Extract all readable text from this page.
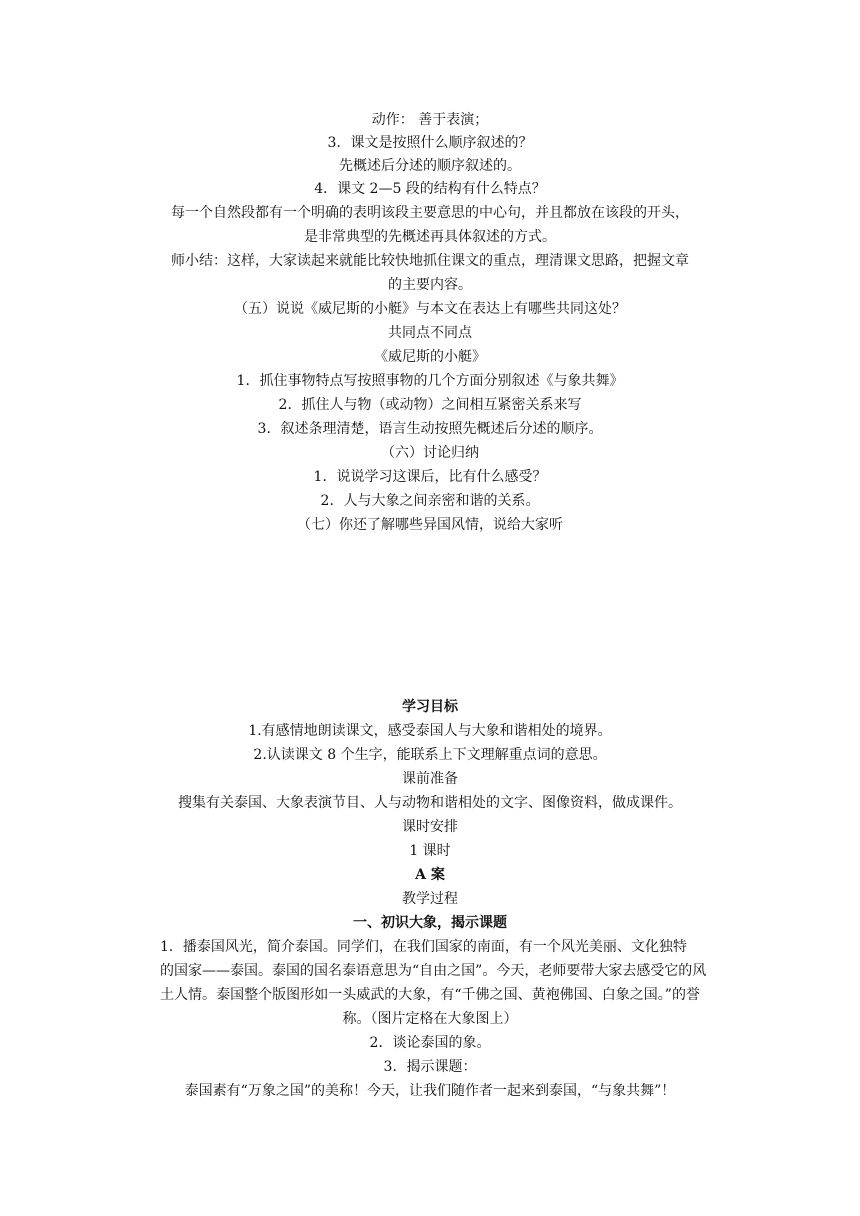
动作： 善于表演；
3．课文是按照什么顺序叙述的？
先概述后分述的顺序叙述的。
4．课文 2—5 段的结构有什么特点？
每一个自然段都有一个明确的表明该段主要意思的中心句，并且都放在该段的开头，
是非常典型的先概述再具体叙述的方式。
师小结：这样，大家读起来就能比较快地抓住课文的重点，理清课文思路，把握文章
的主要内容。
（五）说说《威尼斯的小艇》与本文在表达上有哪些共同这处？
共同点不同点
《威尼斯的小艇》
1．抓住事物特点写按照事物的几个方面分别叙述《与象共舞》
2．抓住人与物（或动物）之间相互紧密关系来写
3．叙述条理清楚，语言生动按照先概述后分述的顺序。
（六）讨论归纳
1．说说学习这课后，比有什么感受？
2．人与大象之间亲密和谐的关系。
（七）你还了解哪些异国风情，说给大家听
学习目标
1.有感情地朗读课文，感受泰国人与大象和谐相处的境界。
2.认读课文 8 个生字，能联系上下文理解重点词的意思。
课前准备
搜集有关泰国、大象表演节目、人与动物和谐相处的文字、图像资料，做成课件。
课时安排
1 课时
A 案
教学过程
一、初识大象，揭示课题
1．播泰国风光，简介泰国。同学们，在我们国家的南面，有一个风光美丽、文化独特
的国家——泰国。泰国的国名泰语意思为“自由之国”。今天，老师要带大家去感受它的风
土人情。泰国整个版图形如一头威武的大象，有“千佛之国、黄袍佛国、白象之国。”的誉
称。（图片定格在大象图上）
2．谈论泰国的象。
3．揭示课题：
泰国素有“万象之国”的美称！今天，让我们随作者一起来到泰国，“与象共舞”！
